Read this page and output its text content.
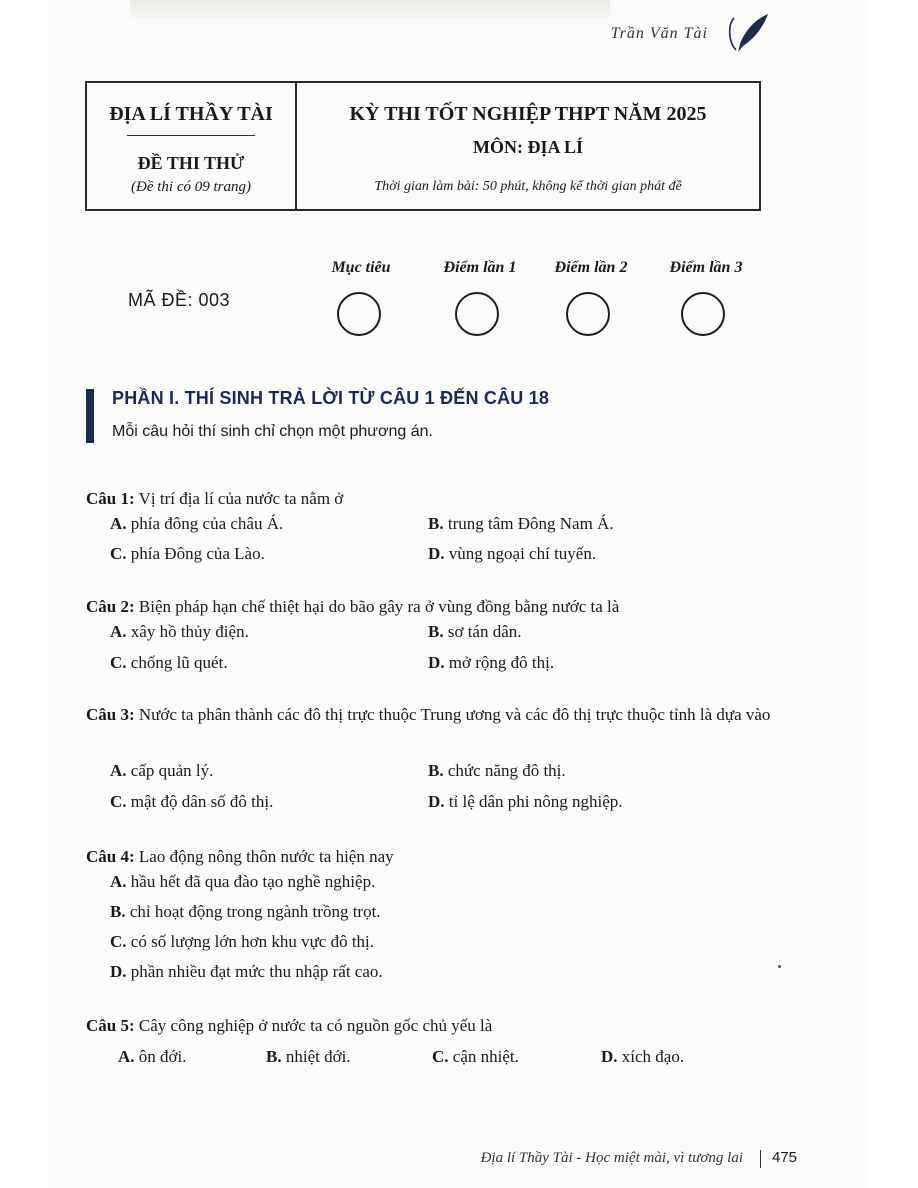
Trần Văn Tài
ĐỊA LÍ THẦY TÀI
ĐỀ THI THỬ
(Đề thi có 09 trang)
KỲ THI TỐT NGHIỆP THPT NĂM 2025
MÔN: ĐỊA LÍ
Thời gian làm bài: 50 phút, không kể thời gian phát đề
MÃ ĐỀ: 003
Mục tiêu	Điểm lần 1	Điểm lần 2	Điểm lần 3
PHẦN I. THÍ SINH TRẢ LỜI TỪ CÂU 1 ĐẾN CÂU 18
Mỗi câu hỏi thí sinh chỉ chọn một phương án.
Câu 1: Vị trí địa lí của nước ta nằm ở
A. phía đông của châu Á.	B. trung tâm Đông Nam Á.
C. phía Đông của Lào.	D. vùng ngoại chí tuyến.
Câu 2: Biện pháp hạn chế thiệt hại do bão gây ra ở vùng đồng bằng nước ta là
A. xây hồ thủy điện.	B. sơ tán dân.
C. chống lũ quét.	D. mở rộng đô thị.
Câu 3: Nước ta phân thành các đô thị trực thuộc Trung ương và các đô thị trực thuộc tỉnh là dựa vào
A. cấp quản lý.	B. chức năng đô thị.
C. mật độ dân số đô thị.	D. tỉ lệ dân phi nông nghiệp.
Câu 4: Lao động nông thôn nước ta hiện nay
A. hầu hết đã qua đào tạo nghề nghiệp.
B. chỉ hoạt động trong ngành trồng trọt.
C. có số lượng lớn hơn khu vực đô thị.
D. phần nhiều đạt mức thu nhập rất cao.
Câu 5: Cây công nghiệp ở nước ta có nguồn gốc chủ yếu là
A. ôn đới.	B. nhiệt đới.	C. cận nhiệt.	D. xích đạo.
Địa lí Thầy Tài - Học miệt mài, vì tương lai 475
